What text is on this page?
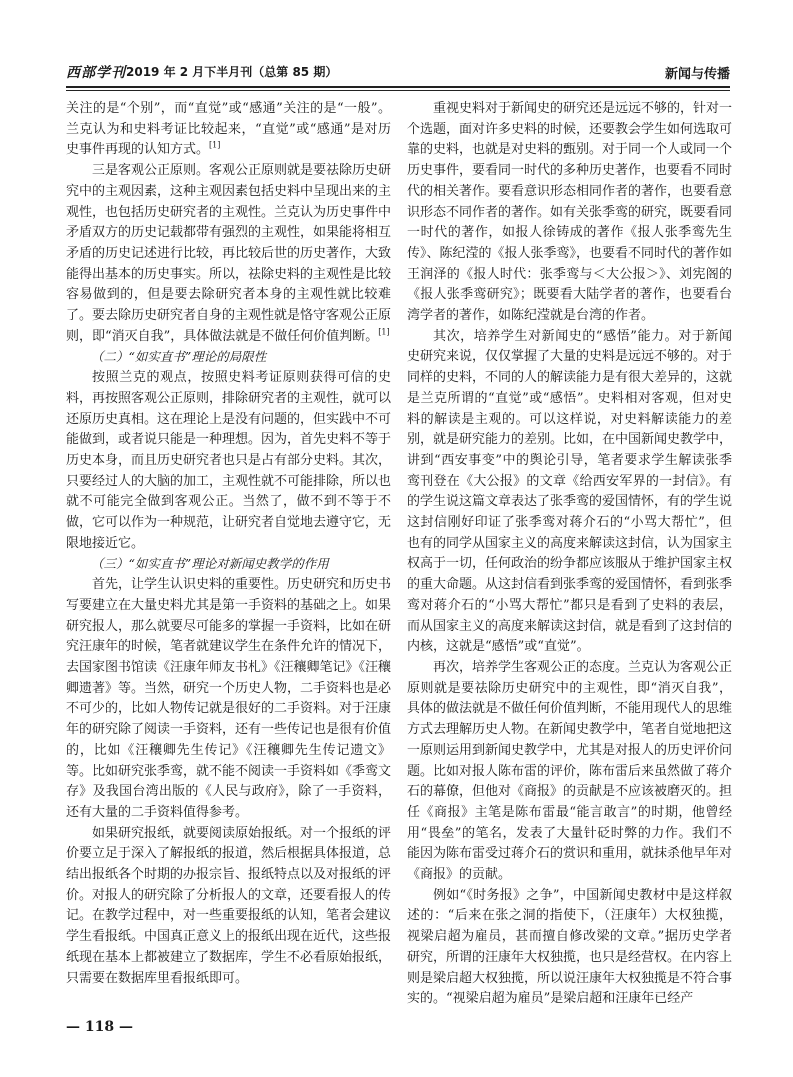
西部学刊 2019 年 2 月下半月刊（总第 85 期）	新闻与传播

关注的是“个别”，而“直觉”或“感通”关注的是“一般”。兰克认为和史料考证比较起来，“直觉”或“感通”是对历史事件再现的认知方式。[1]

三是客观公正原则。客观公正原则就是要祛除历史研究中的主观因素，这种主观因素包括史料中呈现出来的主观性，也包括历史研究者的主观性。兰克认为历史事件中矛盾双方的历史记载都带有强烈的主观性，如果能将相互矛盾的历史记述进行比较，再比较后世的历史著作，大致能得出基本的历史事实。所以，祛除史料的主观性是比较容易做到的，但是要去除研究者本身的主观性就比较难了。要去除历史研究者自身的主观性就是恪守客观公正原则，即“消灭自我”，具体做法就是不做任何价值判断。[1]

（二）“如实直书”理论的局限性

按照兰克的观点，按照史料考证原则获得可信的史料，再按照客观公正原则，排除研究者的主观性，就可以还原历史真相。这在理论上是没有问题的，但实践中不可能做到，或者说只能是一种理想。因为，首先史料不等于历史本身，而且历史研究者也只是占有部分史料。其次，只要经过人的大脑的加工，主观性就不可能排除，所以也就不可能完全做到客观公正。当然了，做不到不等于不做，它可以作为一种规范，让研究者自觉地去遵守它，无限地接近它。

（三）“如实直书”理论对新闻史教学的作用

首先，让学生认识史料的重要性。历史研究和历史书写要建立在大量史料尤其是第一手资料的基础之上。如果研究报人，那么就要尽可能多的掌握一手资料，比如在研究汪康年的时候，笔者就建议学生在条件允许的情况下，去国家图书馆读《汪康年师友书札》《汪穰卿笔记》《汪穰卿遗著》等。当然，研究一个历史人物，二手资料也是必不可少的，比如人物传记就是很好的二手资料。对于汪康年的研究除了阅读一手资料，还有一些传记也是很有价值的，比如《汪穰卿先生传记》《汪穰卿先生传记遗文》等。比如研究张季鸾，就不能不阅读一手资料如《季鸾文存》及我国台湾出版的《人民与政府》，除了一手资料，还有大量的二手资料值得参考。

如果研究报纸，就要阅读原始报纸。对一个报纸的评价要立足于深入了解报纸的报道，然后根据具体报道，总结出报纸各个时期的办报宗旨、报纸特点以及对报纸的评价。对报人的研究除了分析报人的文章，还要看报人的传记。在教学过程中，对一些重要报纸的认知，笔者会建议学生看报纸。中国真正意义上的报纸出现在近代，这些报纸现在基本上都被建立了数据库，学生不必看原始报纸，只需要在数据库里看报纸即可。

重视史料对于新闻史的研究还是远远不够的，针对一个选题，面对许多史料的时候，还要教会学生如何选取可靠的史料，也就是对史料的甄别。对于同一个人或同一个历史事件，要看同一时代的多种历史著作，也要看不同时代的相关著作。要看意识形态相同作者的著作，也要看意识形态不同作者的著作。如有关张季鸾的研究，既要看同一时代的著作，如报人徐铸成的著作《报人张季鸾先生传》、陈纪滢的《报人张季鸾》，也要看不同时代的著作如王润泽的《报人时代：张季鸾与＜大公报＞》、刘宪阁的《报人张季鸾研究》；既要看大陆学者的著作，也要看台湾学者的著作，如陈纪滢就是台湾的作者。

其次，培养学生对新闻史的“感悟”能力。对于新闻史研究来说，仅仅掌握了大量的史料是远远不够的。对于同样的史料，不同的人的解读能力是有很大差异的，这就是兰克所谓的“直觉”或“感悟”。史料相对客观，但对史料的解读是主观的。可以这样说，对史料解读能力的差别，就是研究能力的差别。比如，在中国新闻史教学中，讲到“西安事变”中的舆论引导，笔者要求学生解读张季鸾刊登在《大公报》的文章《给西安军界的一封信》。有的学生说这篇文章表达了张季鸾的爱国情怀，有的学生说这封信刚好印证了张季鸾对蒋介石的“小骂大帮忙”，但也有的同学从国家主义的高度来解读这封信，认为国家主权高于一切，任何政治的纷争都应该服从于维护国家主权的重大命题。从这封信看到张季鸾的爱国情怀，看到张季鸾对蒋介石的“小骂大帮忙”都只是看到了史料的表层，而从国家主义的高度来解读这封信，就是看到了这封信的内核，这就是“感悟”或“直觉”。

再次，培养学生客观公正的态度。兰克认为客观公正原则就是要祛除历史研究中的主观性，即“消灭自我”，具体的做法就是不做任何价值判断，不能用现代人的思维方式去理解历史人物。在新闻史教学中，笔者自觉地把这一原则运用到新闻史教学中，尤其是对报人的历史评价问题。比如对报人陈布雷的评价，陈布雷后来虽然做了蒋介石的幕僚，但他对《商报》的贡献是不应该被磨灭的。担任《商报》主笔是陈布雷最“能言敢言”的时期，他曾经用“畏垒”的笔名，发表了大量针砭时弊的力作。我们不能因为陈布雷受过蒋介石的赏识和重用，就抹杀他早年对《商报》的贡献。

例如“《时务报》之争”，中国新闻史教材中是这样叙述的：“后来在张之洞的指使下，（汪康年）大权独揽，视梁启超为雇员，甚而擅自修改梁的文章。”据历史学者研究，所谓的汪康年大权独揽，也只是经营权。在内容上则是梁启超大权独揽，所以说汪康年大权独揽是不符合事实的。“视梁启超为雇员”是梁启超和汪康年已经产

— 118 —
